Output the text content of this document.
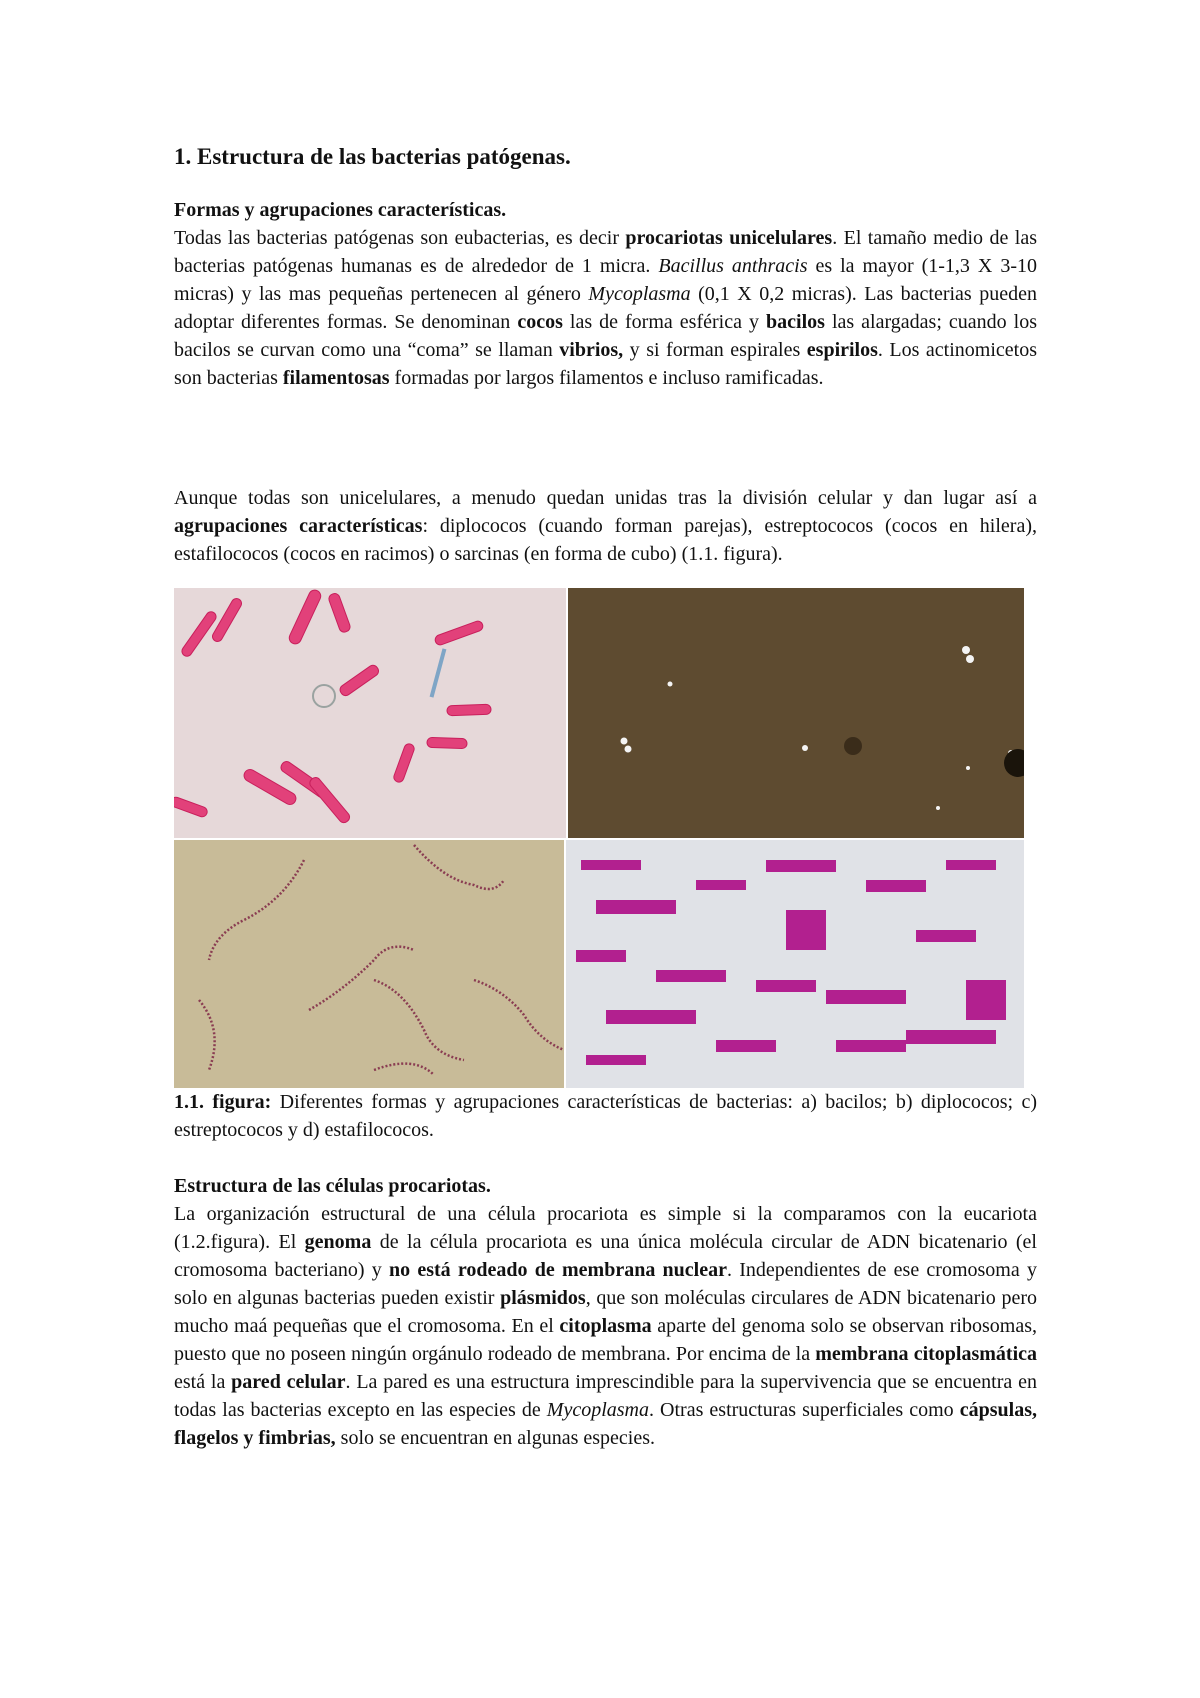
1. Estructura de las bacterias patógenas.
Formas y agrupaciones características.
Todas las bacterias patógenas son eubacterias, es decir procariotas unicelulares. El tamaño medio de las bacterias patógenas humanas es de alrededor de 1 micra. Bacillus anthracis es la mayor (1-1,3 X 3-10 micras) y las mas pequeñas pertenecen al género Mycoplasma (0,1 X 0,2 micras). Las bacterias pueden adoptar diferentes formas. Se denominan cocos las de forma esférica y bacilos las alargadas; cuando los bacilos se curvan como una “coma” se llaman vibrios, y si forman espirales espirilos. Los actinomicetos son bacterias filamentosas formadas por largos filamentos e incluso ramificadas.
Aunque todas son unicelulares, a menudo quedan unidas tras la división celular y dan lugar así a agrupaciones características: diplococos (cuando forman parejas), estreptococos (cocos en hilera), estafilococos (cocos en racimos) o sarcinas (en forma de cubo) (1.1. figura).
1.1. figura: Diferentes formas y agrupaciones características de bacterias: a) bacilos; b) diplococos; c) estreptococos y d) estafilococos.
Estructura de las células procariotas.
La organización estructural de una célula procariota es simple si la comparamos con la eucariota (1.2.figura). El genoma de la célula procariota es una única molécula circular de ADN bicatenario (el cromosoma bacteriano) y no está rodeado de membrana nuclear. Independientes de ese cromosoma y solo en algunas bacterias pueden existir plásmidos, que son moléculas circulares de ADN bicatenario pero mucho maá pequeñas que el cromosoma. En el citoplasma aparte del genoma solo se observan ribosomas, puesto que no poseen ningún orgánulo rodeado de membrana. Por encima de la membrana citoplasmática está la pared celular. La pared es una estructura imprescindible para la supervivencia que se encuentra en todas las bacterias excepto en las especies de Mycoplasma. Otras estructuras superficiales como cápsulas, flagelos y fimbrias, solo se encuentran en algunas especies.
